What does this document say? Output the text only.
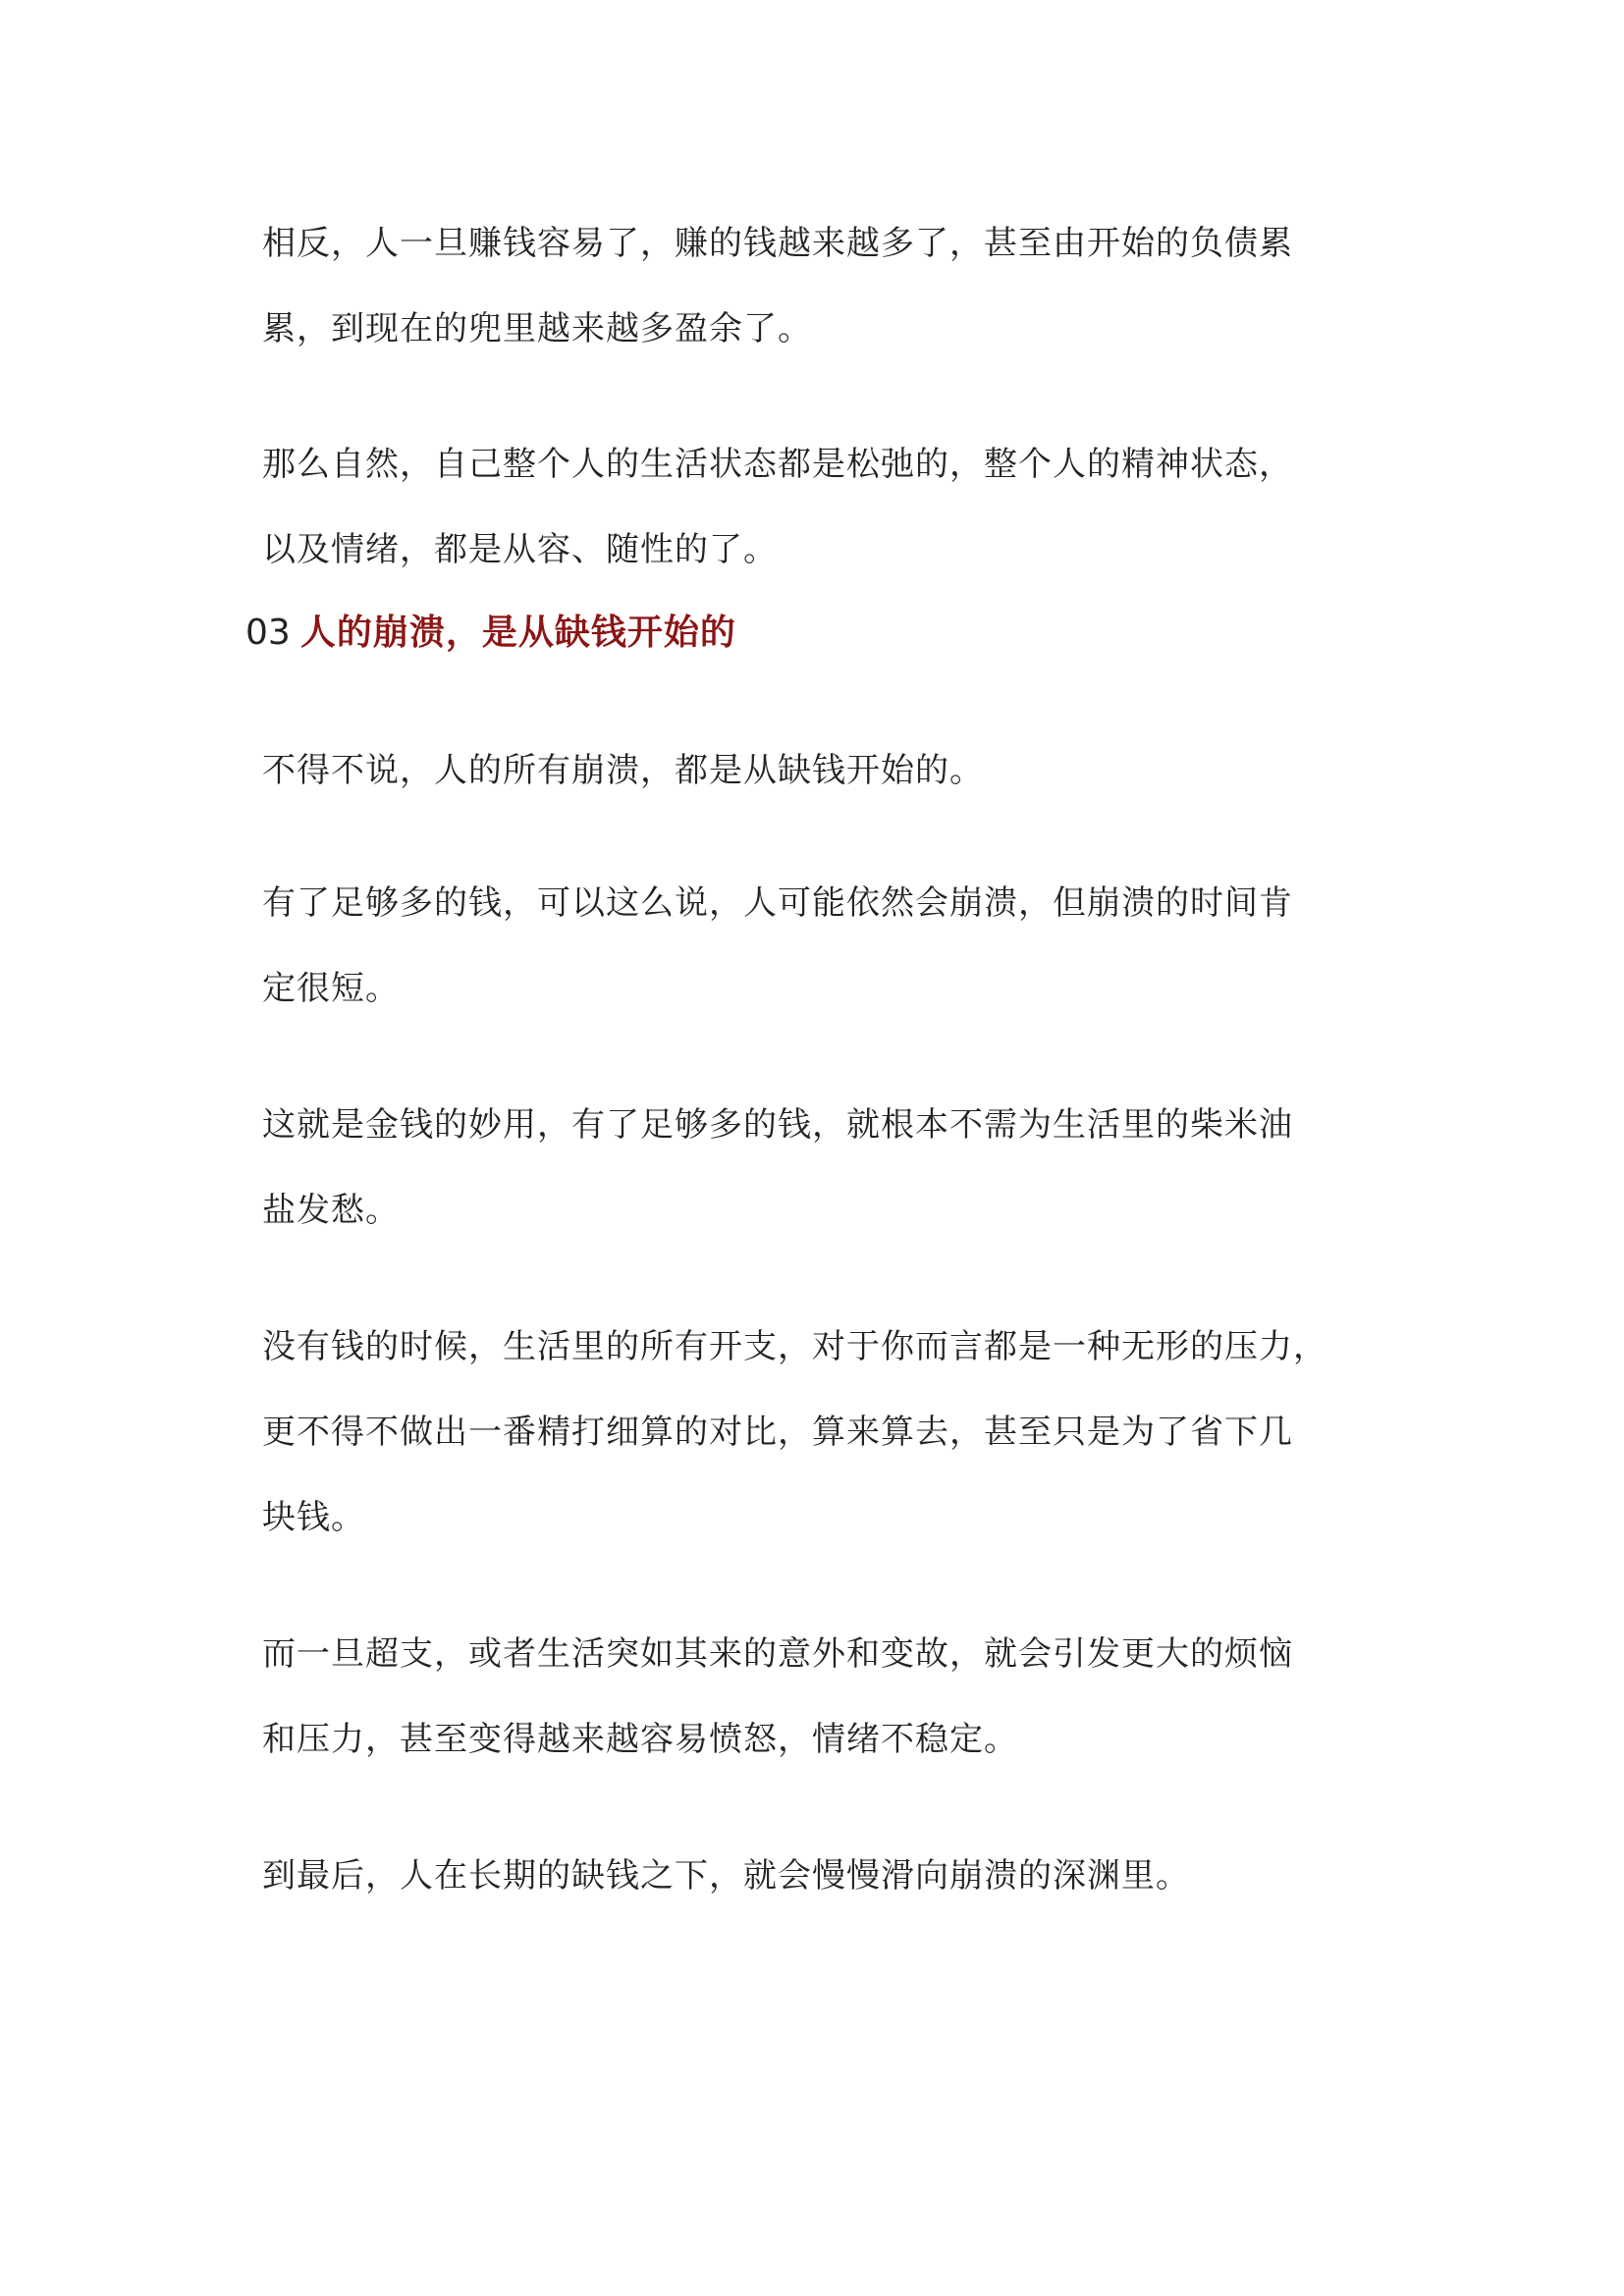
相反，人一旦赚钱容易了，赚的钱越来越多了，甚至由开始的负债累
累，到现在的兜里越来越多盈余了。
那么自然，自己整个人的生活状态都是松弛的，整个人的精神状态，
以及情绪，都是从容、随性的了。
03 人的崩溃，是从缺钱开始的
不得不说，人的所有崩溃，都是从缺钱开始的。
有了足够多的钱，可以这么说，人可能依然会崩溃，但崩溃的时间肯
定很短。
这就是金钱的妙用，有了足够多的钱，就根本不需为生活里的柴米油
盐发愁。
没有钱的时候，生活里的所有开支，对于你而言都是一种无形的压力，
更不得不做出一番精打细算的对比，算来算去，甚至只是为了省下几
块钱。
而一旦超支，或者生活突如其来的意外和变故，就会引发更大的烦恼
和压力，甚至变得越来越容易愤怒，情绪不稳定。
到最后，人在长期的缺钱之下，就会慢慢滑向崩溃的深渊里。
